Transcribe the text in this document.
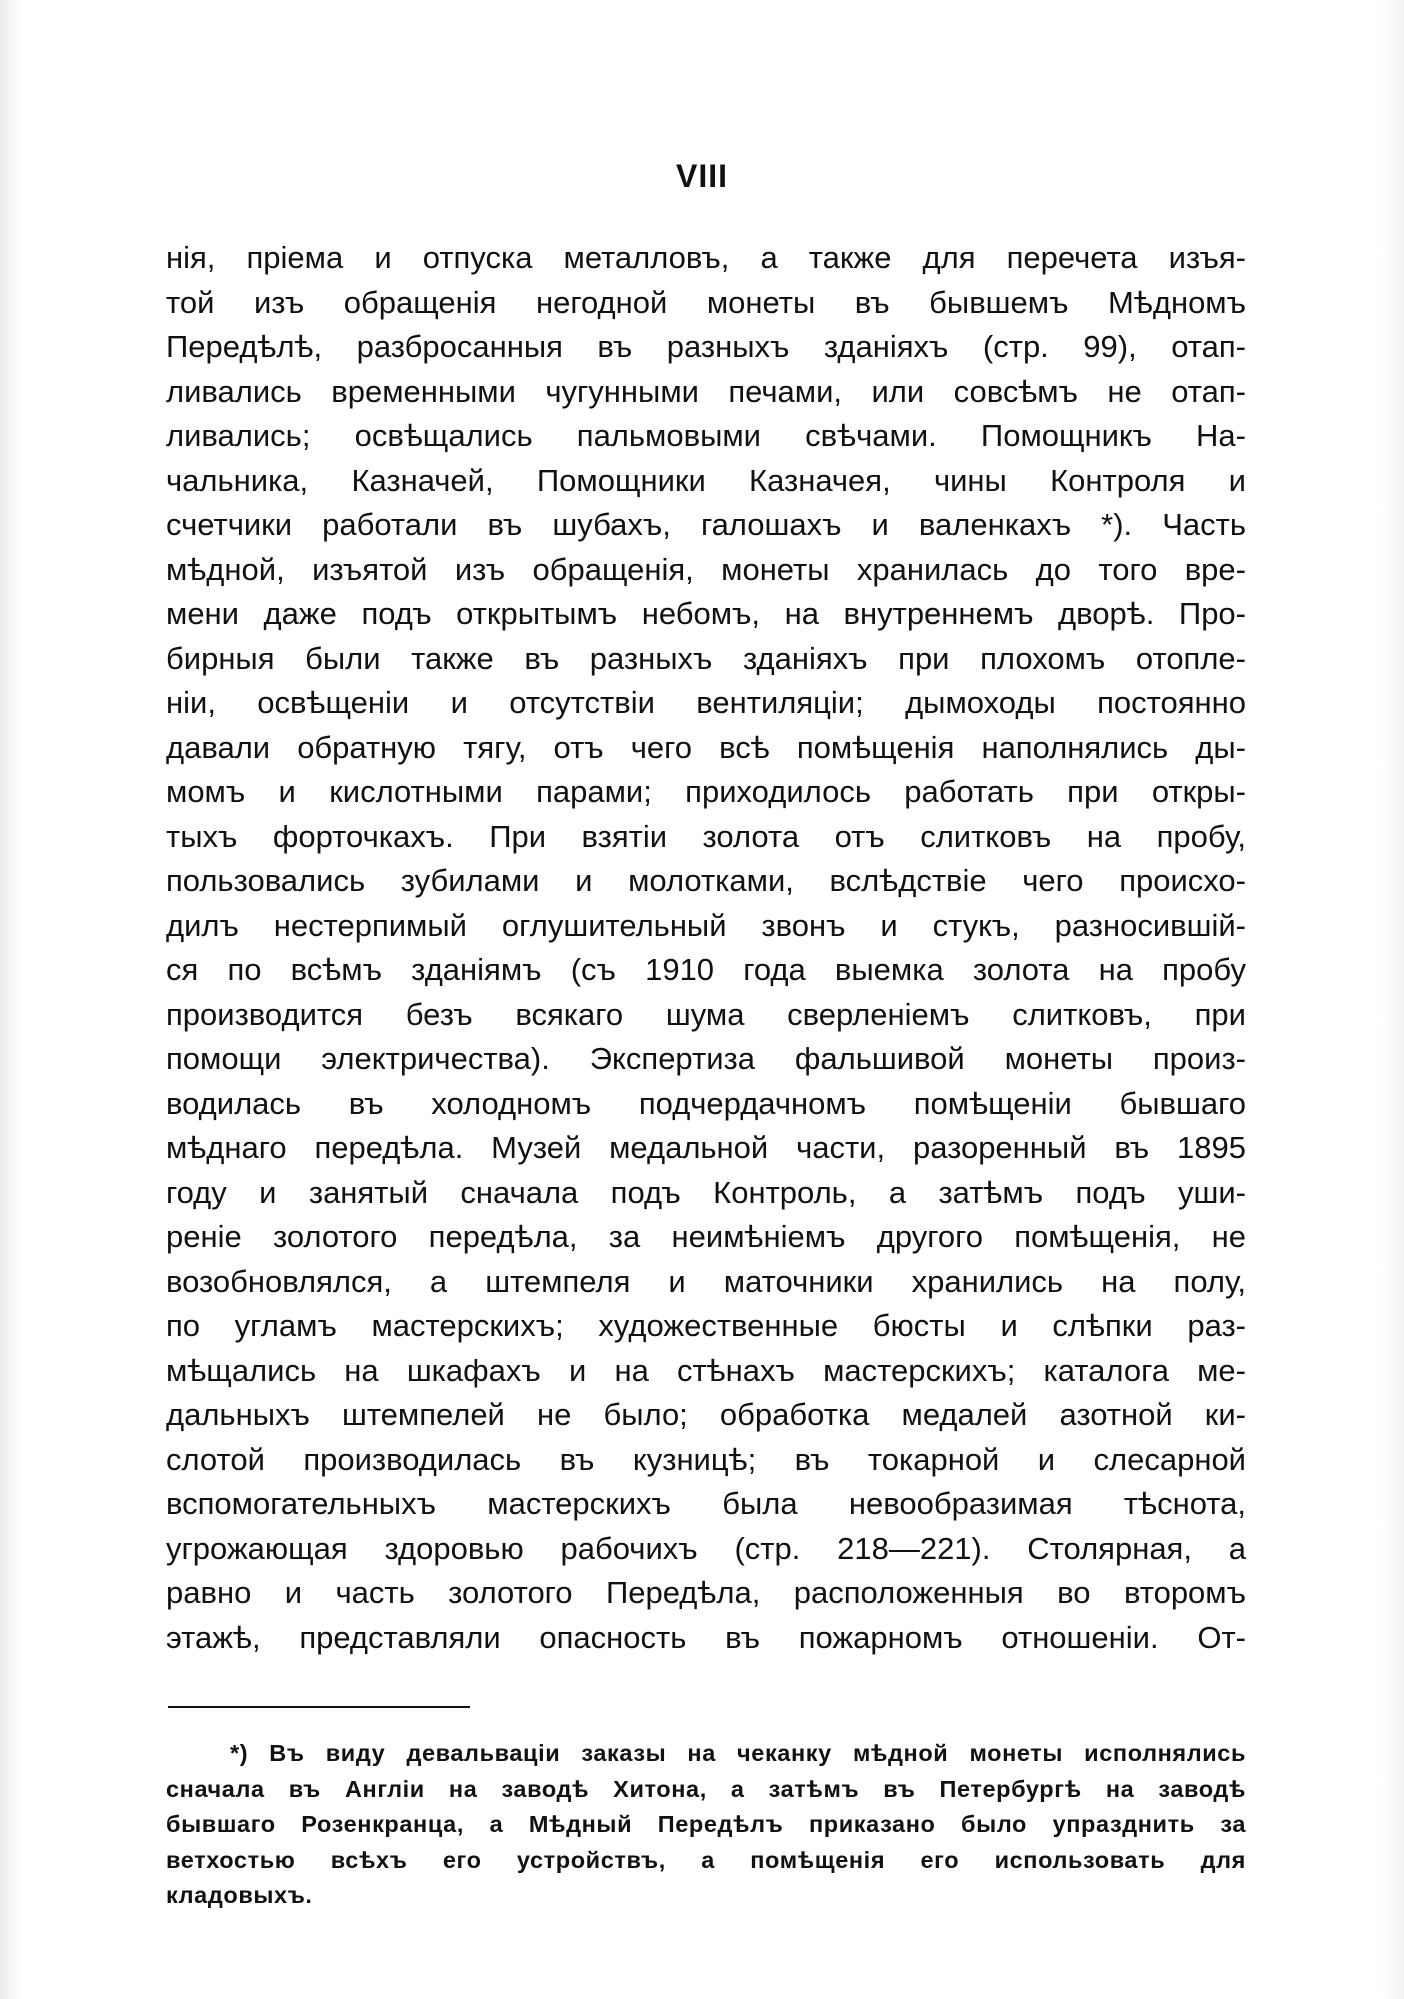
VIII
нія, пріема и отпуска металловъ, а также для перечета изъя-
той изъ обращенія негодной монеты въ бывшемъ Мѣдномъ
Передѣлѣ, разбросанныя въ разныхъ зданіяхъ (стр. 99), отап-
ливались временными чугунными печами, или совсѣмъ не отап-
ливались; освѣщались пальмовыми свѣчами. Помощникъ На-
чальника, Казначей, Помощники Казначея, чины Контроля и
счетчики работали въ шубахъ, галошахъ и валенкахъ *). Часть
мѣдной, изъятой изъ обращенія, монеты хранилась до того вре-
мени даже подъ открытымъ небомъ, на внутреннемъ дворѣ. Про-
бирныя были также въ разныхъ зданіяхъ при плохомъ отопле-
ніи, освѣщеніи и отсутствіи вентиляціи; дымоходы постоянно
давали обратную тягу, отъ чего всѣ помѣщенія наполнялись ды-
момъ и кислотными парами; приходилось работать при откры-
тыхъ форточкахъ. При взятіи золота отъ слитковъ на пробу,
пользовались зубилами и молотками, вслѣдствіе чего происхо-
дилъ нестерпимый оглушительный звонъ и стукъ, разносившій-
ся по всѣмъ зданіямъ (съ 1910 года выемка золота на пробу
производится безъ всякаго шума сверленіемъ слитковъ, при
помощи электричества). Экспертиза фальшивой монеты произ-
водилась въ холодномъ подчердачномъ помѣщеніи бывшаго
мѣднаго передѣла. Музей медальной части, разоренный въ 1895
году и занятый сначала подъ Контроль, а затѣмъ подъ уши-
реніе золотого передѣла, за неимѣніемъ другого помѣщенія, не
возобновлялся, а штемпеля и маточники хранились на полу,
по угламъ мастерскихъ; художественные бюсты и слѣпки раз-
мѣщались на шкафахъ и на стѣнахъ мастерскихъ; каталога ме-
дальныхъ штемпелей не было; обработка медалей азотной ки-
слотой производилась въ кузницѣ; въ токарной и слесарной
вспомогательныхъ мастерскихъ была невообразимая тѣснота,
угрожающая здоровью рабочихъ (стр. 218—221). Столярная, а
равно и часть золотого Передѣла, расположенныя во второмъ
этажѣ, представляли опасность въ пожарномъ отношеніи. От-
*) Въ виду девальваціи заказы на чеканку мѣдной монеты исполнялись
сначала въ Англіи на заводѣ Хитона, а затѣмъ въ Петербургѣ на заводѣ
бывшаго Розенкранца, а Мѣдный Передѣлъ приказано было упразднить за
ветхостью всѣхъ его устройствъ, а помѣщенія его использовать для
кладовыхъ.
